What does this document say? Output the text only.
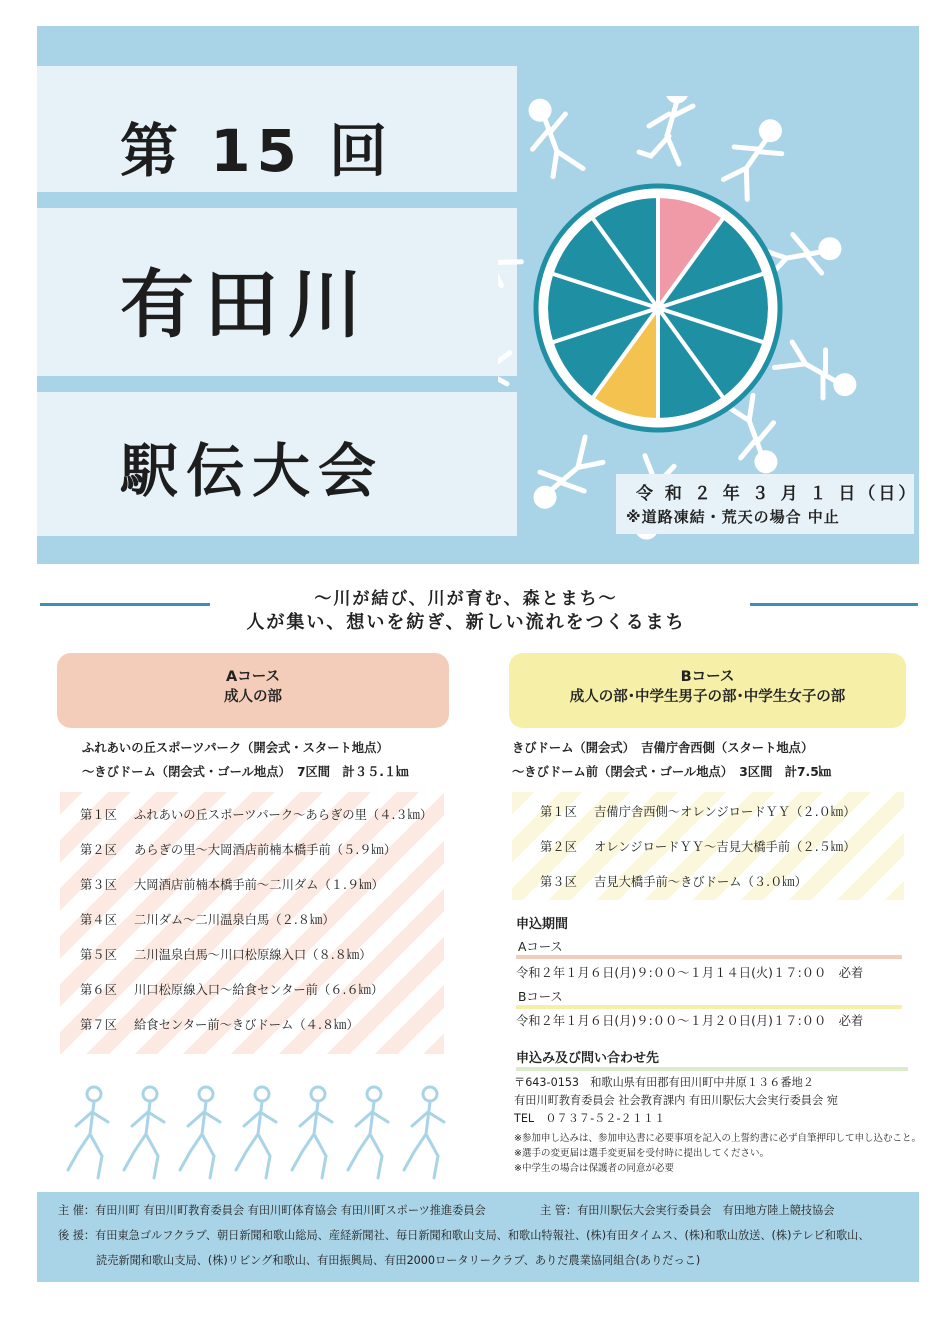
第 15 回
有田川
駅伝大会	令 和 ２ 年 ３ 月 １ 日（日）
※道路凍結・荒天の場合 中止
～川が結び、川が育む、森とまち～
人が集い、想いを紡ぎ、新しい流れをつくるまち
Aコース
成人の部
ふれあいの丘スポーツパーク（開会式・スタート地点）
～きびドーム（閉会式・ゴール地点）　7区間　計３５.１㎞
第１区 ふれあいの丘スポーツパーク～あらぎの里（４.３㎞）
第２区 あらぎの里～大岡酒店前楠本橋手前（５.９㎞）
第３区 大岡酒店前楠本橋手前～二川ダム（１.９㎞）
第４区 二川ダム～二川温泉白馬（２.８㎞）
第５区 二川温泉白馬～川口松原線入口（８.８㎞）
第６区 川口松原線入口～給食センター前（６.６㎞）
第７区 給食センター前～きびドーム（４.８㎞）
Bコース
成人の部･中学生男子の部･中学生女子の部
きびドーム（開会式）　吉備庁舎西側（スタート地点）
～きびドーム前（閉会式・ゴール地点）　3区間　計7.5㎞
第１区 吉備庁舎西側～オレンジロードＹＹ（２.０㎞）
第２区 オレンジロードＹＹ～吉見大橋手前（２.５㎞）
第３区 吉見大橋手前～きびドーム（３.０㎞）
申込期間
Aコース
令和２年１月６日(月)９:００～１月１４日(火)１７:００　必着
Bコース
令和２年１月６日(月)９:００～１月２０日(月)１７:００　必着
申込み及び問い合わせ先
〒643-0153　和歌山県有田郡有田川町中井原１３６番地２
有田川町教育委員会 社会教育課内 有田川駅伝大会実行委員会 宛
TEL　０７３７-５２-２１１１
※参加申し込みは、参加申込書に必要事項を記入の上誓約書に必ず自筆押印して申し込むこと。
※選手の変更届は選手変更届を受付時に提出してください。
※中学生の場合は保護者の同意が必要
主 催：有田川町 有田川町教育委員会 有田川町体育協会 有田川町スポーツ推進委員会	主 管：有田川駅伝大会実行委員会　有田地方陸上競技協会
後 援：有田東急ゴルフクラブ、朝日新聞和歌山総局、産経新聞社、毎日新聞和歌山支局、和歌山特報社、(株)有田タイムス、(株)和歌山放送、(株)テレビ和歌山、
読売新聞和歌山支局、(株)リビング和歌山、有田振興局、有田2000ロータリークラブ、ありだ農業協同組合(ありだっこ)
